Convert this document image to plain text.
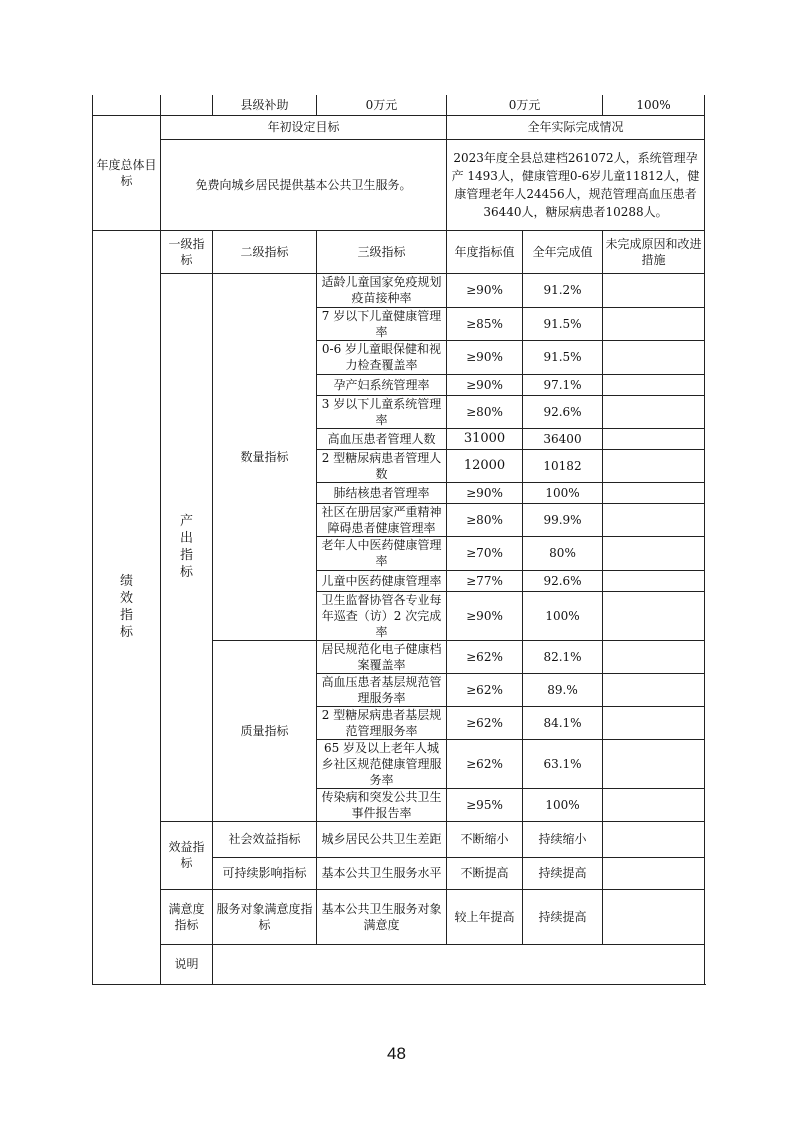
		县级补助	0万元	0万元		100%
年度总体目标	年初设定目标			全年实际完成情况		
	免费向城乡居民提供基本公共卫生服务。			2023年度全县总建档261072人，系统管理孕产 1493人，健康管理0-6岁儿童11812人，健康管理老年人24456人，规范管理高血压患者36440人，糖尿病患者10288人。		
绩效指标	一级指标	二级指标	三级指标	年度指标值	全年完成值	未完成原因和改进措施
	产出指标	数量指标	适龄儿童国家免疫规划疫苗接种率	≥90%	91.2%	
			7 岁以下儿童健康管理率	≥85%	91.5%	
			0-6 岁儿童眼保健和视力检查覆盖率	≥90%	91.5%	
			孕产妇系统管理率	≥90%	97.1%	
			3 岁以下儿童系统管理率	≥80%	92.6%	
			高血压患者管理人数	31000	36400	
			2 型糖尿病患者管理人数	12000	10182	
			肺结核患者管理率	≥90%	100%	
			社区在册居家严重精神障碍患者健康管理率	≥80%	99.9%	
			老年人中医药健康管理率	≥70%	80%	
			儿童中医药健康管理率	≥77%	92.6%	
			卫生监督协管各专业每年巡查（访）2 次完成率	≥90%	100%	
		质量指标	居民规范化电子健康档案覆盖率	≥62%	82.1%	
			高血压患者基层规范管理服务率	≥62%	89.%	
			2 型糖尿病患者基层规范管理服务率	≥62%	84.1%	
			65 岁及以上老年人城乡社区规范健康管理服务率	≥62%	63.1%	
			传染病和突发公共卫生事件报告率	≥95%	100%	
	效益指标	社会效益指标	城乡居民公共卫生差距	不断缩小	持续缩小	
		可持续影响指标	基本公共卫生服务水平	不断提高	持续提高	
	满意度指标	服务对象满意度指标	基本公共卫生服务对象满意度	较上年提高	持续提高	
	说明					
48
